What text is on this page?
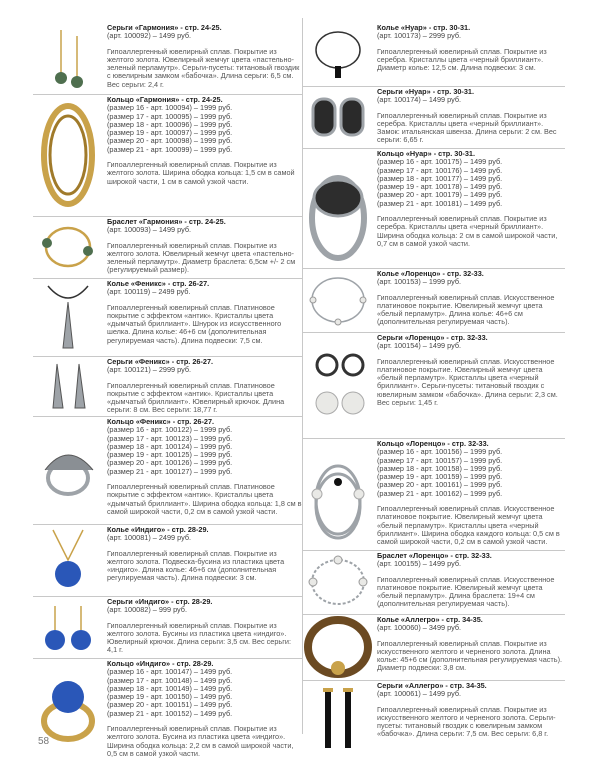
Серьги «Гармония» - стр. 24-25.
(арт. 100092) – 1499 руб.
Гипоаллергенный ювелирный сплав. Покрытие из желтого золота. Ювелирный жемчуг цвета «пастельно-зеленый перламутр». Серьги-пусеты: титановый гвоздик с ювелирным замком «бабочка». Длина серьги: 6,5 см. Вес серьги: 2,4 г.
Кольцо «Гармония» - стр. 24-25.
(размер 16 - арт. 100094) – 1999 руб.
(размер 17 - арт. 100095) – 1999 руб.
(размер 18 - арт. 100096) – 1999 руб.
(размер 19 - арт. 100097) – 1999 руб.
(размер 20 - арт. 100098) – 1999 руб.
(размер 21 - арт. 100099) – 1999 руб.
Гипоаллергенный ювелирный сплав. Покрытие из желтого золота. Ширина ободка кольца: 1,5 см в самой широкой части, 1 см в самой узкой части.
Браслет «Гармония» - стр. 24-25.
(арт. 100093) – 1499 руб.
Гипоаллергенный ювелирный сплав. Покрытие из желтого золота. Ювелирный жемчуг цвета «пастельно-зеленый перламутр». Диаметр браслета: 6,5см +/- 2 см (регулируемый размер).
Колье «Феникс» - стр. 26-27.
(арт. 100119) – 2499 руб.
Гипоаллергенный ювелирный сплав. Платиновое покрытие с эффектом «антик». Кристаллы цвета «дымчатый бриллиант». Шнурок из искусственного шелка. Длина колье: 46+6 см (дополнительная регулируемая часть). Длина подвески: 7,5 см.
Серьги «Феникс» - стр. 26-27.
(арт. 100121) – 2999 руб.
Гипоаллергенный ювелирный сплав. Платиновое покрытие с эффектом «антик». Кристаллы цвета «дымчатый бриллиант». Ювелирный крючок. Длина серьги: 8 см. Вес серьги: 18,77 г.
Кольцо «Феникс» - стр. 26-27.
(размер 16 - арт. 100122) – 1999 руб.
(размер 17 - арт. 100123) – 1999 руб.
(размер 18 - арт. 100124) – 1999 руб.
(размер 19 - арт. 100125) – 1999 руб.
(размер 20 - арт. 100126) – 1999 руб.
(размер 21 - арт. 100127) – 1999 руб.
Гипоаллергенный ювелирный сплав. Платиновое покрытие с эффектом «антик». Кристаллы цвета «дымчатый бриллиант». Ширина ободка кольца: 1,8 см в самой широкой части, 0,2 см в самой узкой части.
Колье «Индиго» - стр. 28-29.
(арт. 100081) – 2499 руб.
Гипоаллергенный ювелирный сплав. Покрытие из желтого золота. Подвеска-бусина из пластика цвета «индиго». Длина колье: 46+6 см (дополнительная регулируемая часть). Длина подвески: 3 см.
Серьги «Индиго» - стр. 28-29.
(арт. 100082) – 999 руб.
Гипоаллергенный ювелирный сплав. Покрытие из желтого золота. Бусины из пластика цвета «индиго». Ювелирный крючок. Длина серьги: 3,5 см. Вес серьги: 4,1 г.
Кольцо «Индиго» - стр. 28-29.
(размер 16 - арт. 100147) – 1499 руб.
(размер 17 - арт. 100148) – 1499 руб.
(размер 18 - арт. 100149) – 1499 руб.
(размер 19 - арт. 100150) – 1499 руб.
(размер 20 - арт. 100151) – 1499 руб.
(размер 21 - арт. 100152) – 1499 руб.
Гипоаллергенный ювелирный сплав. Покрытие из желтого золота. Бусина из пластика цвета «индиго». Ширина ободка кольца: 2,2 см в самой широкой части, 0,5 см в самой узкой части.
Колье «Нуар» - стр. 30-31.
(арт. 100173) – 2999 руб.
Гипоаллергенный ювелирный сплав. Покрытие из серебра. Кристаллы цвета «черный бриллиант». Диаметр колье: 12,5 см. Длина подвески: 3 см.
Серьги «Нуар» - стр. 30-31.
(арт. 100174) – 1499 руб.
Гипоаллергенный ювелирный сплав. Покрытие из серебра. Кристаллы цвета «черный бриллиант». Замок: итальянская швенза. Длина серьги: 2 см. Вес серьги: 6,65 г.
Кольцо «Нуар» - стр. 30-31.
(размер 16 - арт. 100175) – 1499 руб.
(размер 17 - арт. 100176) – 1499 руб.
(размер 18 - арт. 100177) – 1499 руб.
(размер 19 - арт. 100178) – 1499 руб.
(размер 20 - арт. 100179) – 1499 руб.
(размер 21 - арт. 100181) – 1499 руб.
Гипоаллергенный ювелирный сплав. Покрытие из серебра. Кристаллы цвета «черный бриллиант». Ширина ободка кольца: 2 см в самой широкой части, 0,7 см в самой узкой части.
Колье «Лоренцо» - стр. 32-33.
(арт. 100153) – 1999 руб.
Гипоаллергенный ювелирный сплав. Искусственное платиновое покрытие. Ювелирный жемчуг цвета «белый перламутр». Длина колье: 46+6 см (дополнительная регулируемая часть).
Серьги «Лоренцо» - стр. 32-33.
(арт. 100154) – 1499 руб.
Гипоаллергенный ювелирный сплав. Искусственное платиновое покрытие. Ювелирный жемчуг цвета «белый перламутр». Кристаллы цвета «черный бриллиант». Серьги-пусеты: титановый гвоздик с ювелирным замком «бабочка». Длина серьги: 2,3 см. Вес серьги: 1,45 г.
Кольцо «Лоренцо» - стр. 32-33.
(размер 16 - арт. 100156) – 1999 руб.
(размер 17 - арт. 100157) – 1999 руб.
(размер 18 - арт. 100158) – 1999 руб.
(размер 19 - арт. 100159) – 1999 руб.
(размер 20 - арт. 100161) – 1999 руб.
(размер 21 - арт. 100162) – 1999 руб.
Гипоаллергенный ювелирный сплав. Искусственное платиновое покрытие. Ювелирный жемчуг цвета «белый перламутр». Кристаллы цвета «черный бриллиант». Ширина ободка каждого кольца: 0,5 см в самой широкой части, 0,2 см в самой узкой части.
Браслет «Лоренцо» - стр. 32-33.
(арт. 100155) – 1499 руб.
Гипоаллергенный ювелирный сплав. Искусственное платиновое покрытие. Ювелирный жемчуг цвета «белый перламутр». Длина браслета: 19+4 см (дополнительная регулируемая часть).
Колье «Аллегро» - стр. 34-35.
(арт. 100060) – 3499 руб.
Гипоаллергенный ювелирный сплав. Покрытие из искусственного желтого и черненого золота. Длина колье: 45+6 см (дополнительная регулируемая часть). Диаметр подвески: 3,8 см.
Серьги «Аллегро» - стр. 34-35.
(арт. 100061) – 1499 руб.
Гипоаллергенный ювелирный сплав. Покрытие из искусственного желтого и черненого золота. Серьги-пусеты: титановый гвоздик с ювелирным замком «бабочка». Длина серьги: 7,5 см. Вес серьги: 6,8 г.
58
